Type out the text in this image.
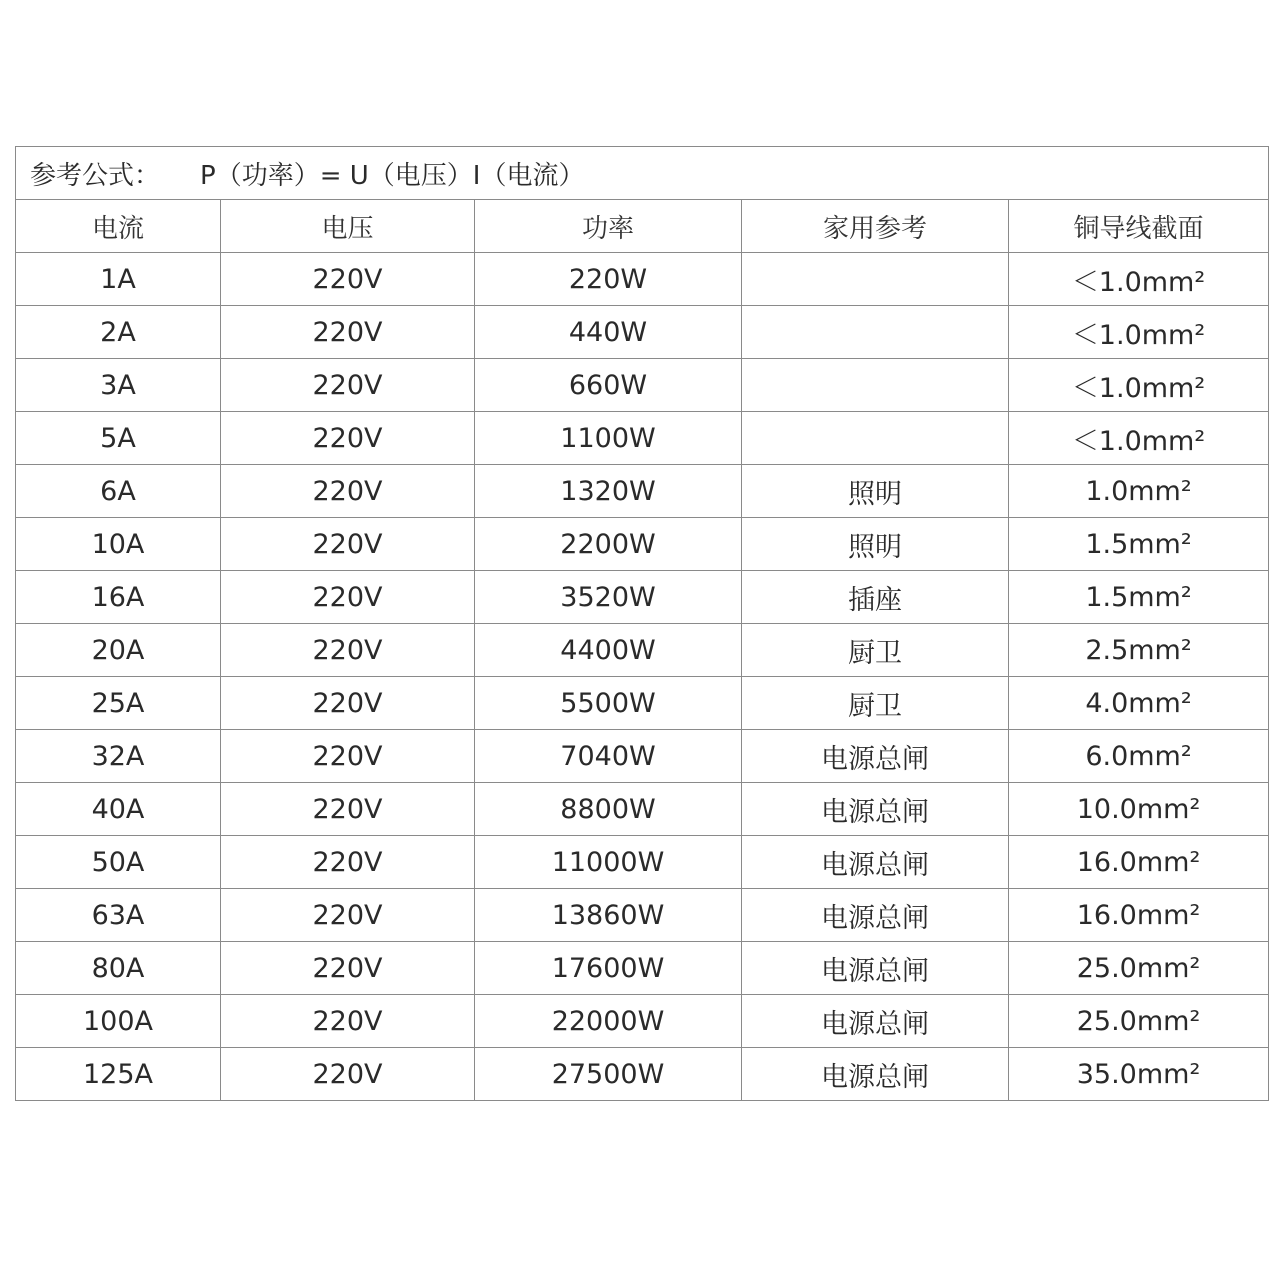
参考公式： P（功率）= U（电压）I（电流）				
电流	电压	功率	家用参考	铜导线截面
1A	220V	220W		＜1.0mm²
2A	220V	440W		＜1.0mm²
3A	220V	660W		＜1.0mm²
5A	220V	1100W		＜1.0mm²
6A	220V	1320W	照明	1.0mm²
10A	220V	2200W	照明	1.5mm²
16A	220V	3520W	插座	1.5mm²
20A	220V	4400W	厨卫	2.5mm²
25A	220V	5500W	厨卫	4.0mm²
32A	220V	7040W	电源总闸	6.0mm²
40A	220V	8800W	电源总闸	10.0mm²
50A	220V	11000W	电源总闸	16.0mm²
63A	220V	13860W	电源总闸	16.0mm²
80A	220V	17600W	电源总闸	25.0mm²
100A	220V	22000W	电源总闸	25.0mm²
125A	220V	27500W	电源总闸	35.0mm²
